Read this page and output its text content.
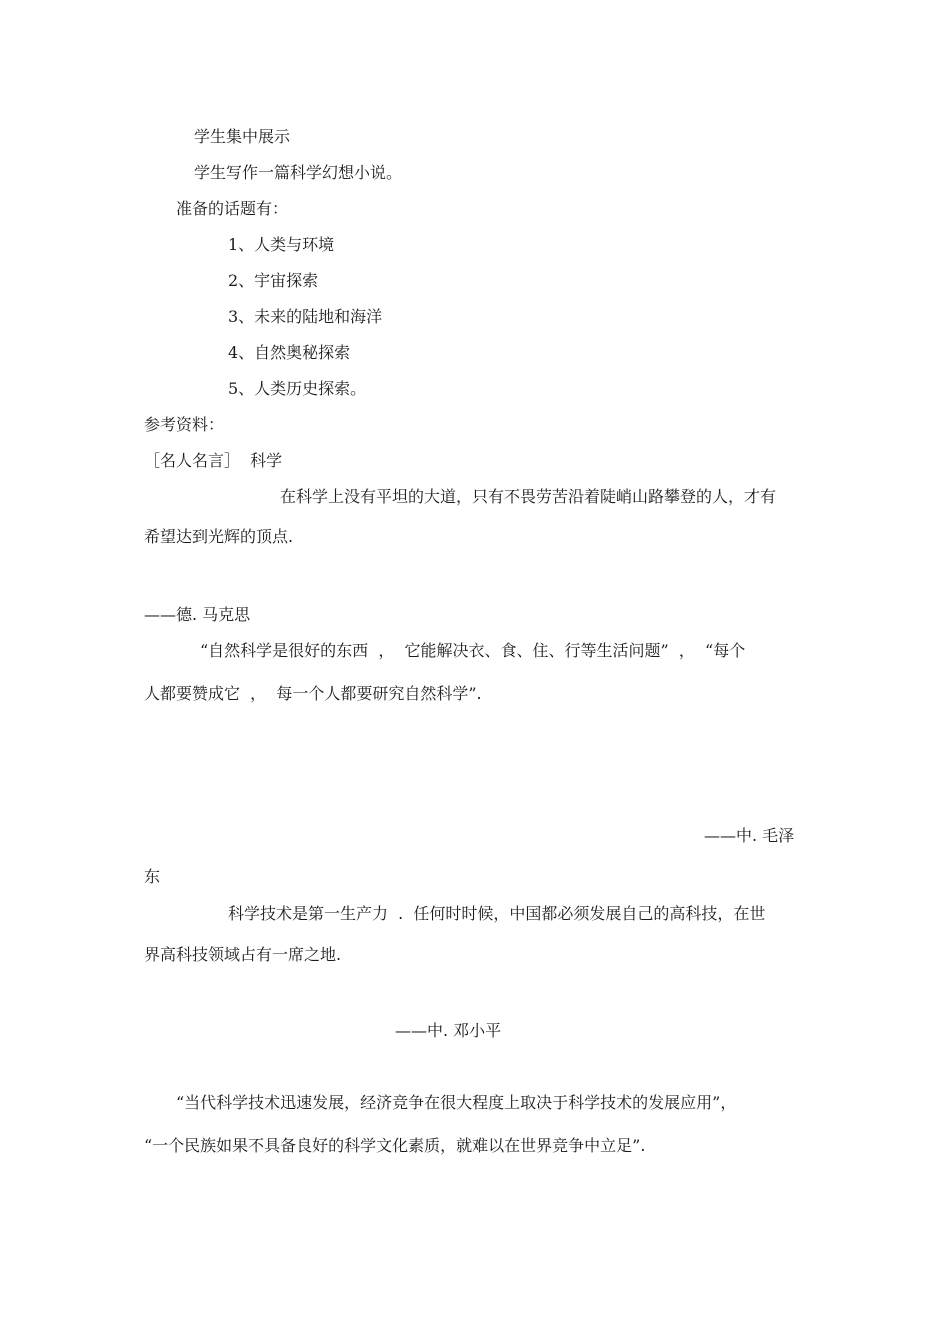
学生集中展示
学生写作一篇科学幻想小说。
准备的话题有：
1、人类与环境
2、宇宙探索
3、未来的陆地和海洋
4、自然奥秘探索
5、人类历史探索。
参考资料：
［名人名言］  科学
在科学上没有平坦的大道，只有不畏劳苦沿着陡峭山路攀登的人，才有
希望达到光辉的顶点.
——德. 马克思
“自然科学是很好的东西  ，  它能解决衣、食、住、行等生活问题”  ，  “每个
人都要赞成它  ，  每一个人都要研究自然科学”.
——中. 毛泽
东
科学技术是第一生产力  .  任何时时候，中国都必须发展自己的高科技，在世
界高科技领域占有一席之地.
——中. 邓小平
“当代科学技术迅速发展，经济竞争在很大程度上取决于科学技术的发展应用”，
“一个民族如果不具备良好的科学文化素质，就难以在世界竞争中立足”.
